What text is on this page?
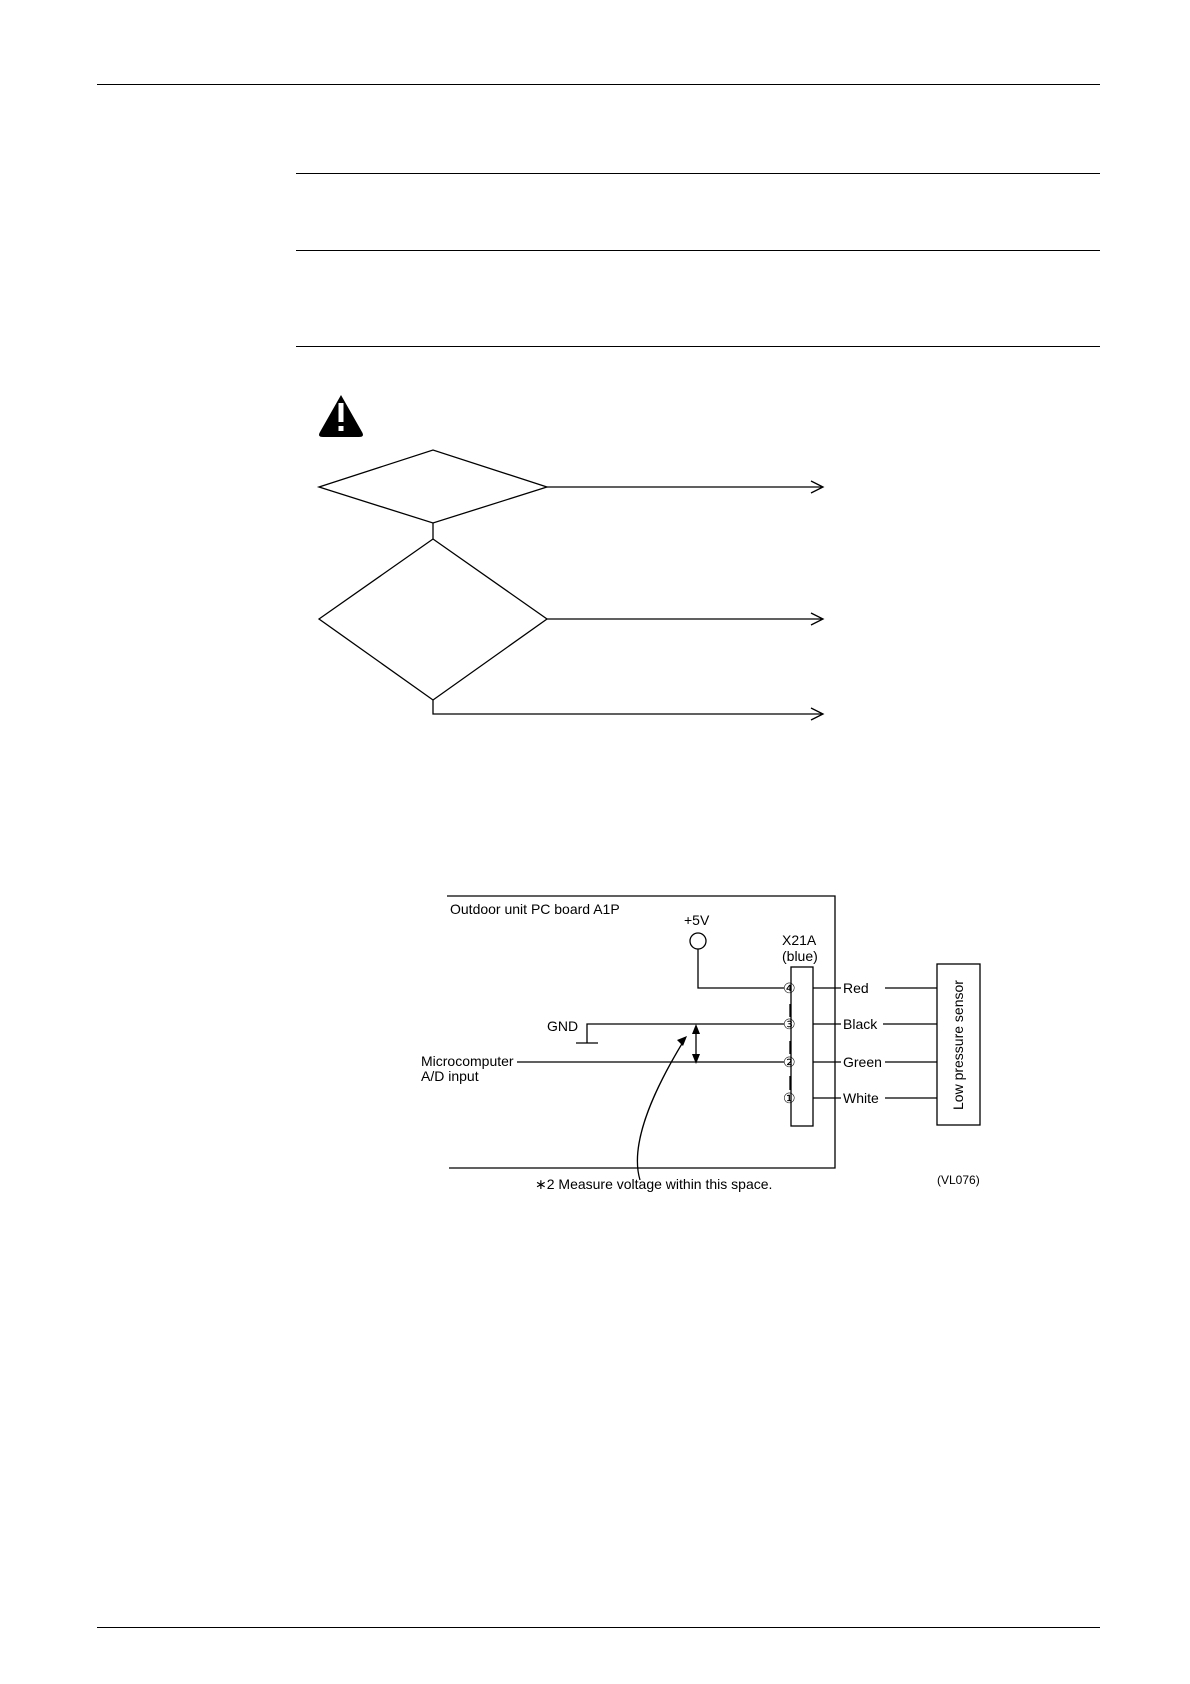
Outdoor unit PC board A1P
+5V
X21A
(blue)
④
③
②
①
Red
Black
Green
White
GND
Microcomputer
A/D input	Low pressure sensor
∗2 Measure voltage within this space.	(VL076)
